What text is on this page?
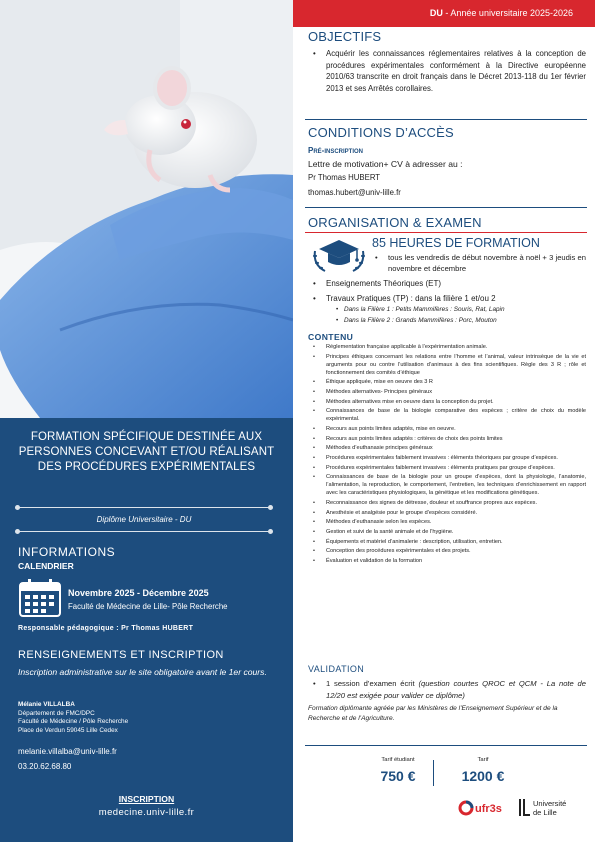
FORMATION SPÉCIFIQUE DESTINÉE AUX PERSONNES CONCEVANT ET/OU RÉALISANT DES PROCÉDURES EXPÉRIMENTALES
Diplôme Universitaire - DU
INFORMATIONS
CALENDRIER
Novembre 2025 - Décembre 2025
Faculté de Médecine de Lille- Pôle Recherche
Responsable pédagogique : Pr Thomas HUBERT
RENSEIGNEMENTS ET INSCRIPTION
Inscription administrative sur le site obligatoire avant le 1er cours.
Mélanie VILLALBA
Département de FMC/DPC
Faculté de Médecine / Pôle Recherche
Place de Verdun 59045 Lille Cedex
melanie.villalba@univ-lille.fr
03.20.62.68.80
INSCRIPTION
medecine.univ-lille.fr
DU - Année universitaire 2025-2026
OBJECTIFS
• Acquérir les connaissances réglementaires relatives à la conception de procédures expérimentales conformément à la Directive européenne 2010/63 transcrite en droit français dans le Décret 2013-118 du 1er février 2013 et ses Arrêtés corollaires.
CONDITIONS D’ACCÈS
Pré-inscription
Lettre de motivation+ CV à adresser au :
Pr Thomas HUBERT
thomas.hubert@univ-lille.fr
ORGANISATION & EXAMEN
85 HEURES DE FORMATION
• tous les vendredis de début novembre à noël + 3 jeudis en novembre et décembre
• Enseignements Théoriques (ET)
• Travaux Pratiques (TP) : dans la filière 1 et/ou 2
• Dans la Filière 1 : Petits Mammifères : Souris, Rat, Lapin
• Dans la Filière 2 : Grands Mammifères : Porc, Mouton
CONTENU
• Réglementation française applicable à l’expérimentation animale.
• Principes éthiques concernant les relations entre l’homme et l’animal, valeur intrinsèque de la vie et arguments pour ou contre l’utilisation d’animaux à des fins scientifiques. Règle des 3 R ; rôle et fonctionnement des comités d’éthique
• Éthique appliquée, mise en oeuvre des 3 R
• Méthodes alternatives- Principes généraux
• Méthodes alternatives mise en oeuvre dans la conception du projet.
• Connaissances de base de la biologie comparative des espèces ; critère de choix du modèle expérimental.
• Recours aux points limites adaptés, mise en oeuvre.
• Recours aux points limites adaptés : critères de choix des points limites
• Méthodes d’euthanasie principes généraux
• Procédures expérimentales faiblement invasives : éléments théoriques par groupe d’espèces.
• Procédures expérimentales faiblement invasives : éléments pratiques par groupe d’espèces.
• Connaissances de base de la biologie pour un groupe d’espèces, dont la physiologie, l’anatomie, l’alimentation, la reproduction, le comportement, l’entretien, les techniques d’enrichissement en rapport avec les caractéristiques physiologiques, la génétique et les modifications génétiques.
• Reconnaissance des signes de détresse, douleur et souffrance propres aux espèces.
• Anesthésie et analgésie pour le groupe d’espèces considéré.
• Méthodes d’euthanasie selon les espèces.
• Gestion et suivi de la santé animale et de l’hygiène.
• Équipements et matériel d’animalerie : description, utilisation, entretien.
• Conception des procédures expérimentales et des projets.
• Évaluation et validation de la formation
VALIDATION
• 1 session d’examen écrit (question courtes QROC et QCM - La note de 12/20 est exigée pour valider ce diplôme)
Formation diplômante agréée par les Ministères de l’Enseignement Supérieur et de la Recherche et de l’Agriculture.
Tarif étudiant
750 €
Tarif
1200 €
ufr3s	Université
de Lille
